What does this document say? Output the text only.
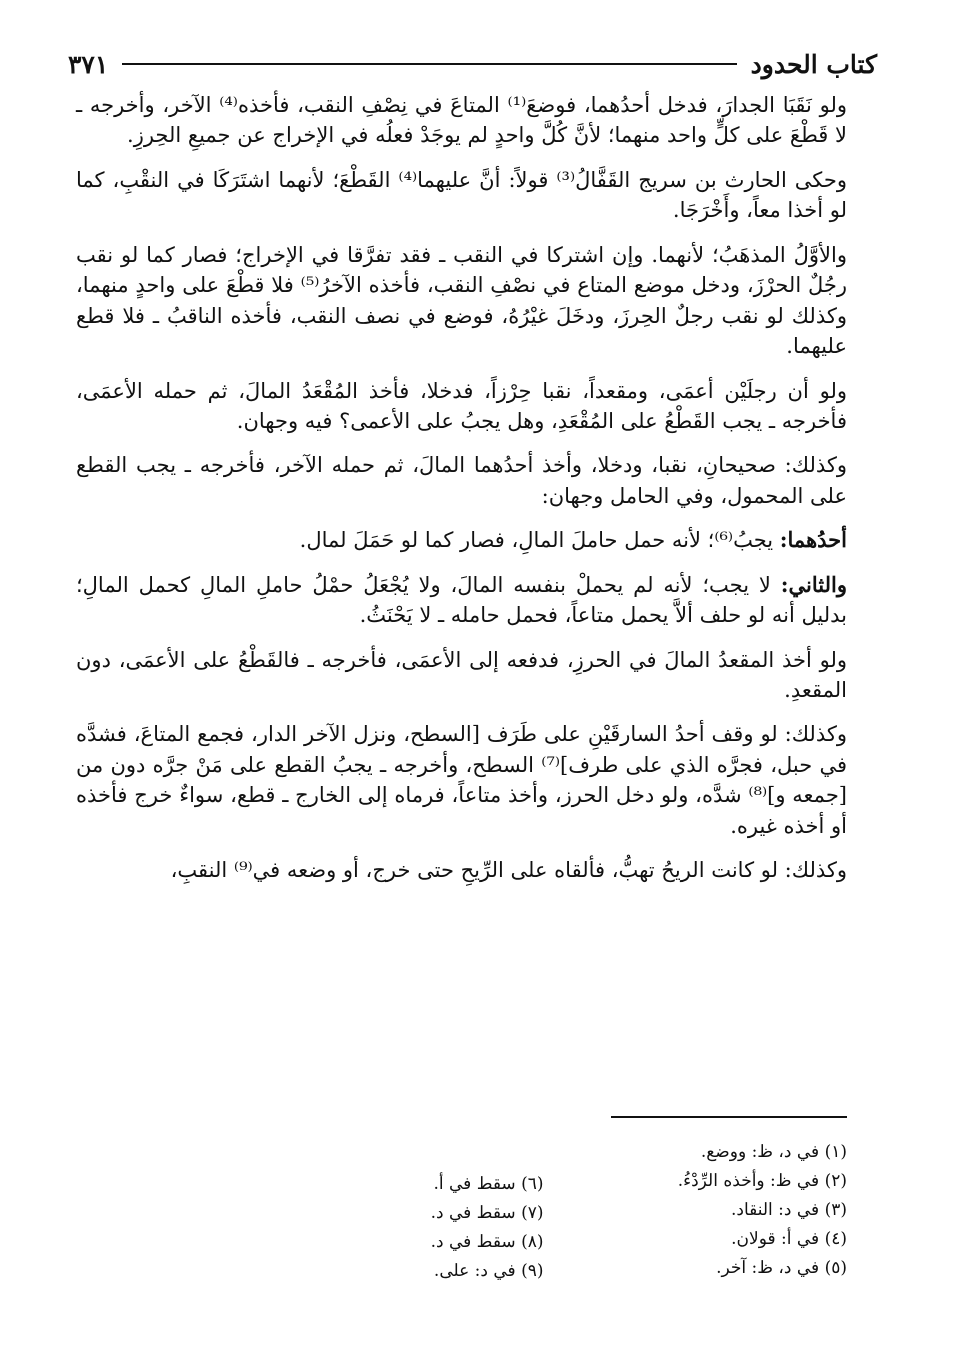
كتاب الحدود
٣٧١

ولو نَقَبَا الجدارَ، فدخل أحدُهما، فوضعَ⁽¹⁾ المتاعَ في نِصْفِ النقب، فأخذه⁽⁴⁾ الآخر، وأخرجه ـ لا قَطْعَ على كلٍّ واحد منهما؛ لأنَّ كُلَّ واحدٍ لم يوجَدْ فعلُه في الإخراج عن جميعِ الحِرزِ.

وحكى الحارث بن سريج القَفَّالُ⁽³⁾ قولاً: أنَّ عليهما⁽⁴⁾ القَطْعَ؛ لأنهما اشتَرَكَا في النقْبِ، كما لو أخذا معاً، وأَخْرَجَا.

والأوَّلُ المذهَبُ؛ لأنهما. وإن اشتركا في النقب ـ فقد تفرَّقا في الإخراج؛ فصار كما لو نقب رجُلٌ الحرْزَ، ودخل موضع المتاع في نصْفِ النقب، فأخذه الآخرُ⁽⁵⁾ فلا قطْعَ على واحدٍ منهما، وكذلك لو نقب رجلٌ الحِرزَ، ودخَلَ غيْرُهُ، فوضع في نصف النقب، فأخذه الناقبُ ـ فلا قطع عليهما.

ولو أن رجلَيْن أعمَى، ومقعداً، نقبا حِرْزاً، فدخلا، فأخذ المُقْعَدُ المالَ، ثم حمله الأعمَى، فأخرجه ـ يجب القَطْعُ على المُقْعَدِ، وهل يجبُ على الأعمى؟ فيه وجهان.

وكذلك: صحيحانِ، نقبا، ودخلا، وأخذ أحدُهما المالَ، ثم حمله الآخر، فأخرجه ـ يجب القطع على المحمول، وفي الحامل وجهان:

أحدُهما: يجبُ⁽⁶⁾؛ لأنه حمل حاملَ المالِ، فصار كما لو حَمَلَ لمال.

والثاني: لا يجب؛ لأنه لم يحملْ بنفسه المالَ، ولا يُجْعَلُ حمْلُ حاملِ المالِ كحمل المالِ؛ بدليل أنه لو حلف ألاَّ يحمل متاعاً، فحمل حامله ـ لا يَحْنَثُ.

ولو أخذ المقعدُ المالَ في الحرزِ، فدفعه إلى الأعمَى، فأخرجه ـ فالقَطْعُ على الأعمَى، دون المقعدِ.

وكذلك: لو وقف أحدُ السارقَيْنِ على طَرَف [السطح، ونزل الآخر الدار، فجمع المتاعَ، فشدَّه في حبل، فجرَّه الذي على طرف]⁽⁷⁾ السطح، وأخرجه ـ يجبُ القطع على مَنْ جرَّه دون من [جمعه و]⁽⁸⁾ شدَّه، ولو دخل الحرز، وأخذ متاعاً، فرماه إلى الخارج ـ قطع، سواءٌ خرج فأخذه أو أخذه غيره.

وكذلك: لو كانت الريحُ تهبُّ، فألقاه على الرِّيحِ حتى خرج، أو وضعه في⁽⁹⁾ النقبِ،

(١) في د، ظ: ووضع.
(٢) في ظ: وأخذه الرِّدْءُ.
(٣) في د: النقاد.
(٤) في أ: قولان.
(٥) في د، ظ: آخر.
(٦) سقط في أ.
(٧) سقط في د.
(٨) سقط في د.
(٩) في د: على.
